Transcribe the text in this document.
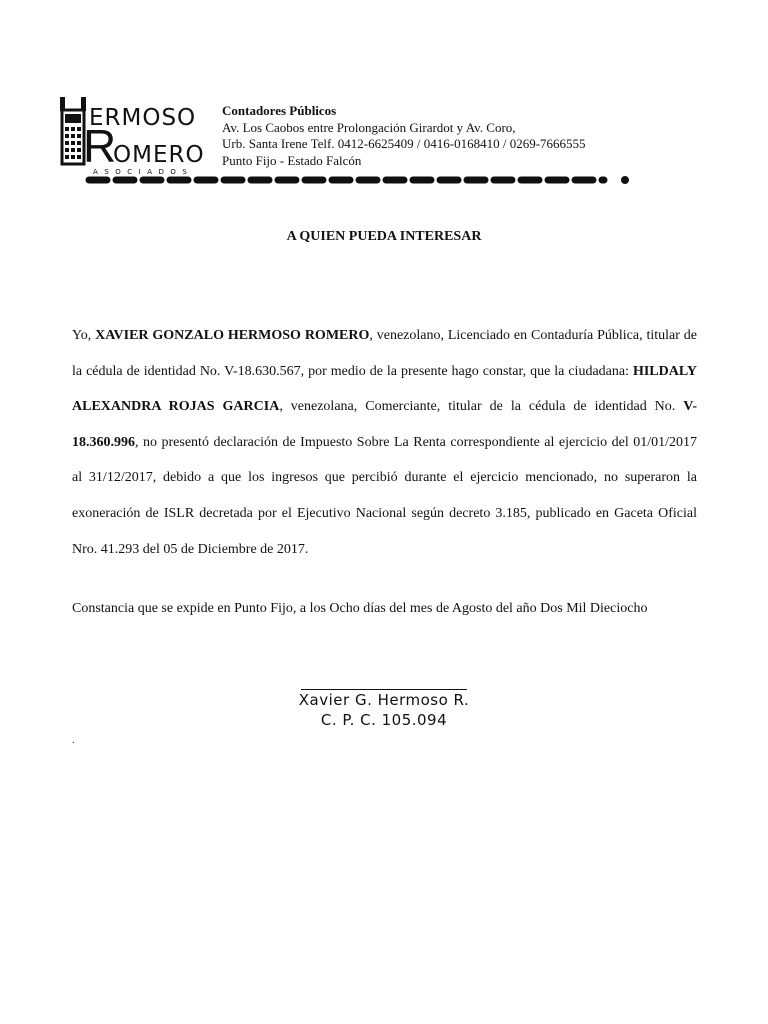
R
ERMOSO
OMERO
ASOCIADOS
Contadores Públicos
Av. Los Caobos entre Prolongación Girardot y Av. Coro,
Urb. Santa Irene Telf. 0412-6625409 / 0416-0168410 / 0269-7666555
Punto Fijo - Estado Falcón
A QUIEN PUEDA INTERESAR
Yo, XAVIER GONZALO HERMOSO ROMERO, venezolano, Licenciado en Contaduría Pública, titular de la cédula de identidad No. V-18.630.567, por medio de la presente hago constar, que la ciudadana: HILDALY ALEXANDRA ROJAS GARCIA, venezolana, Comerciante, titular de la cédula de identidad No. V-18.360.996, no presentó declaración de Impuesto Sobre La Renta correspondiente al ejercicio del 01/01/2017 al 31/12/2017, debido a que los ingresos que percibió durante el ejercicio mencionado, no superaron la exoneración de ISLR decretada por el Ejecutivo Nacional según decreto 3.185, publicado en Gaceta Oficial Nro. 41.293 del 05 de Diciembre de 2017.
Constancia que se expide en Punto Fijo, a los Ocho días del mes de Agosto del año Dos Mil Dieciocho
Xavier G. Hermoso R.
C. P. C. 105.094
.
